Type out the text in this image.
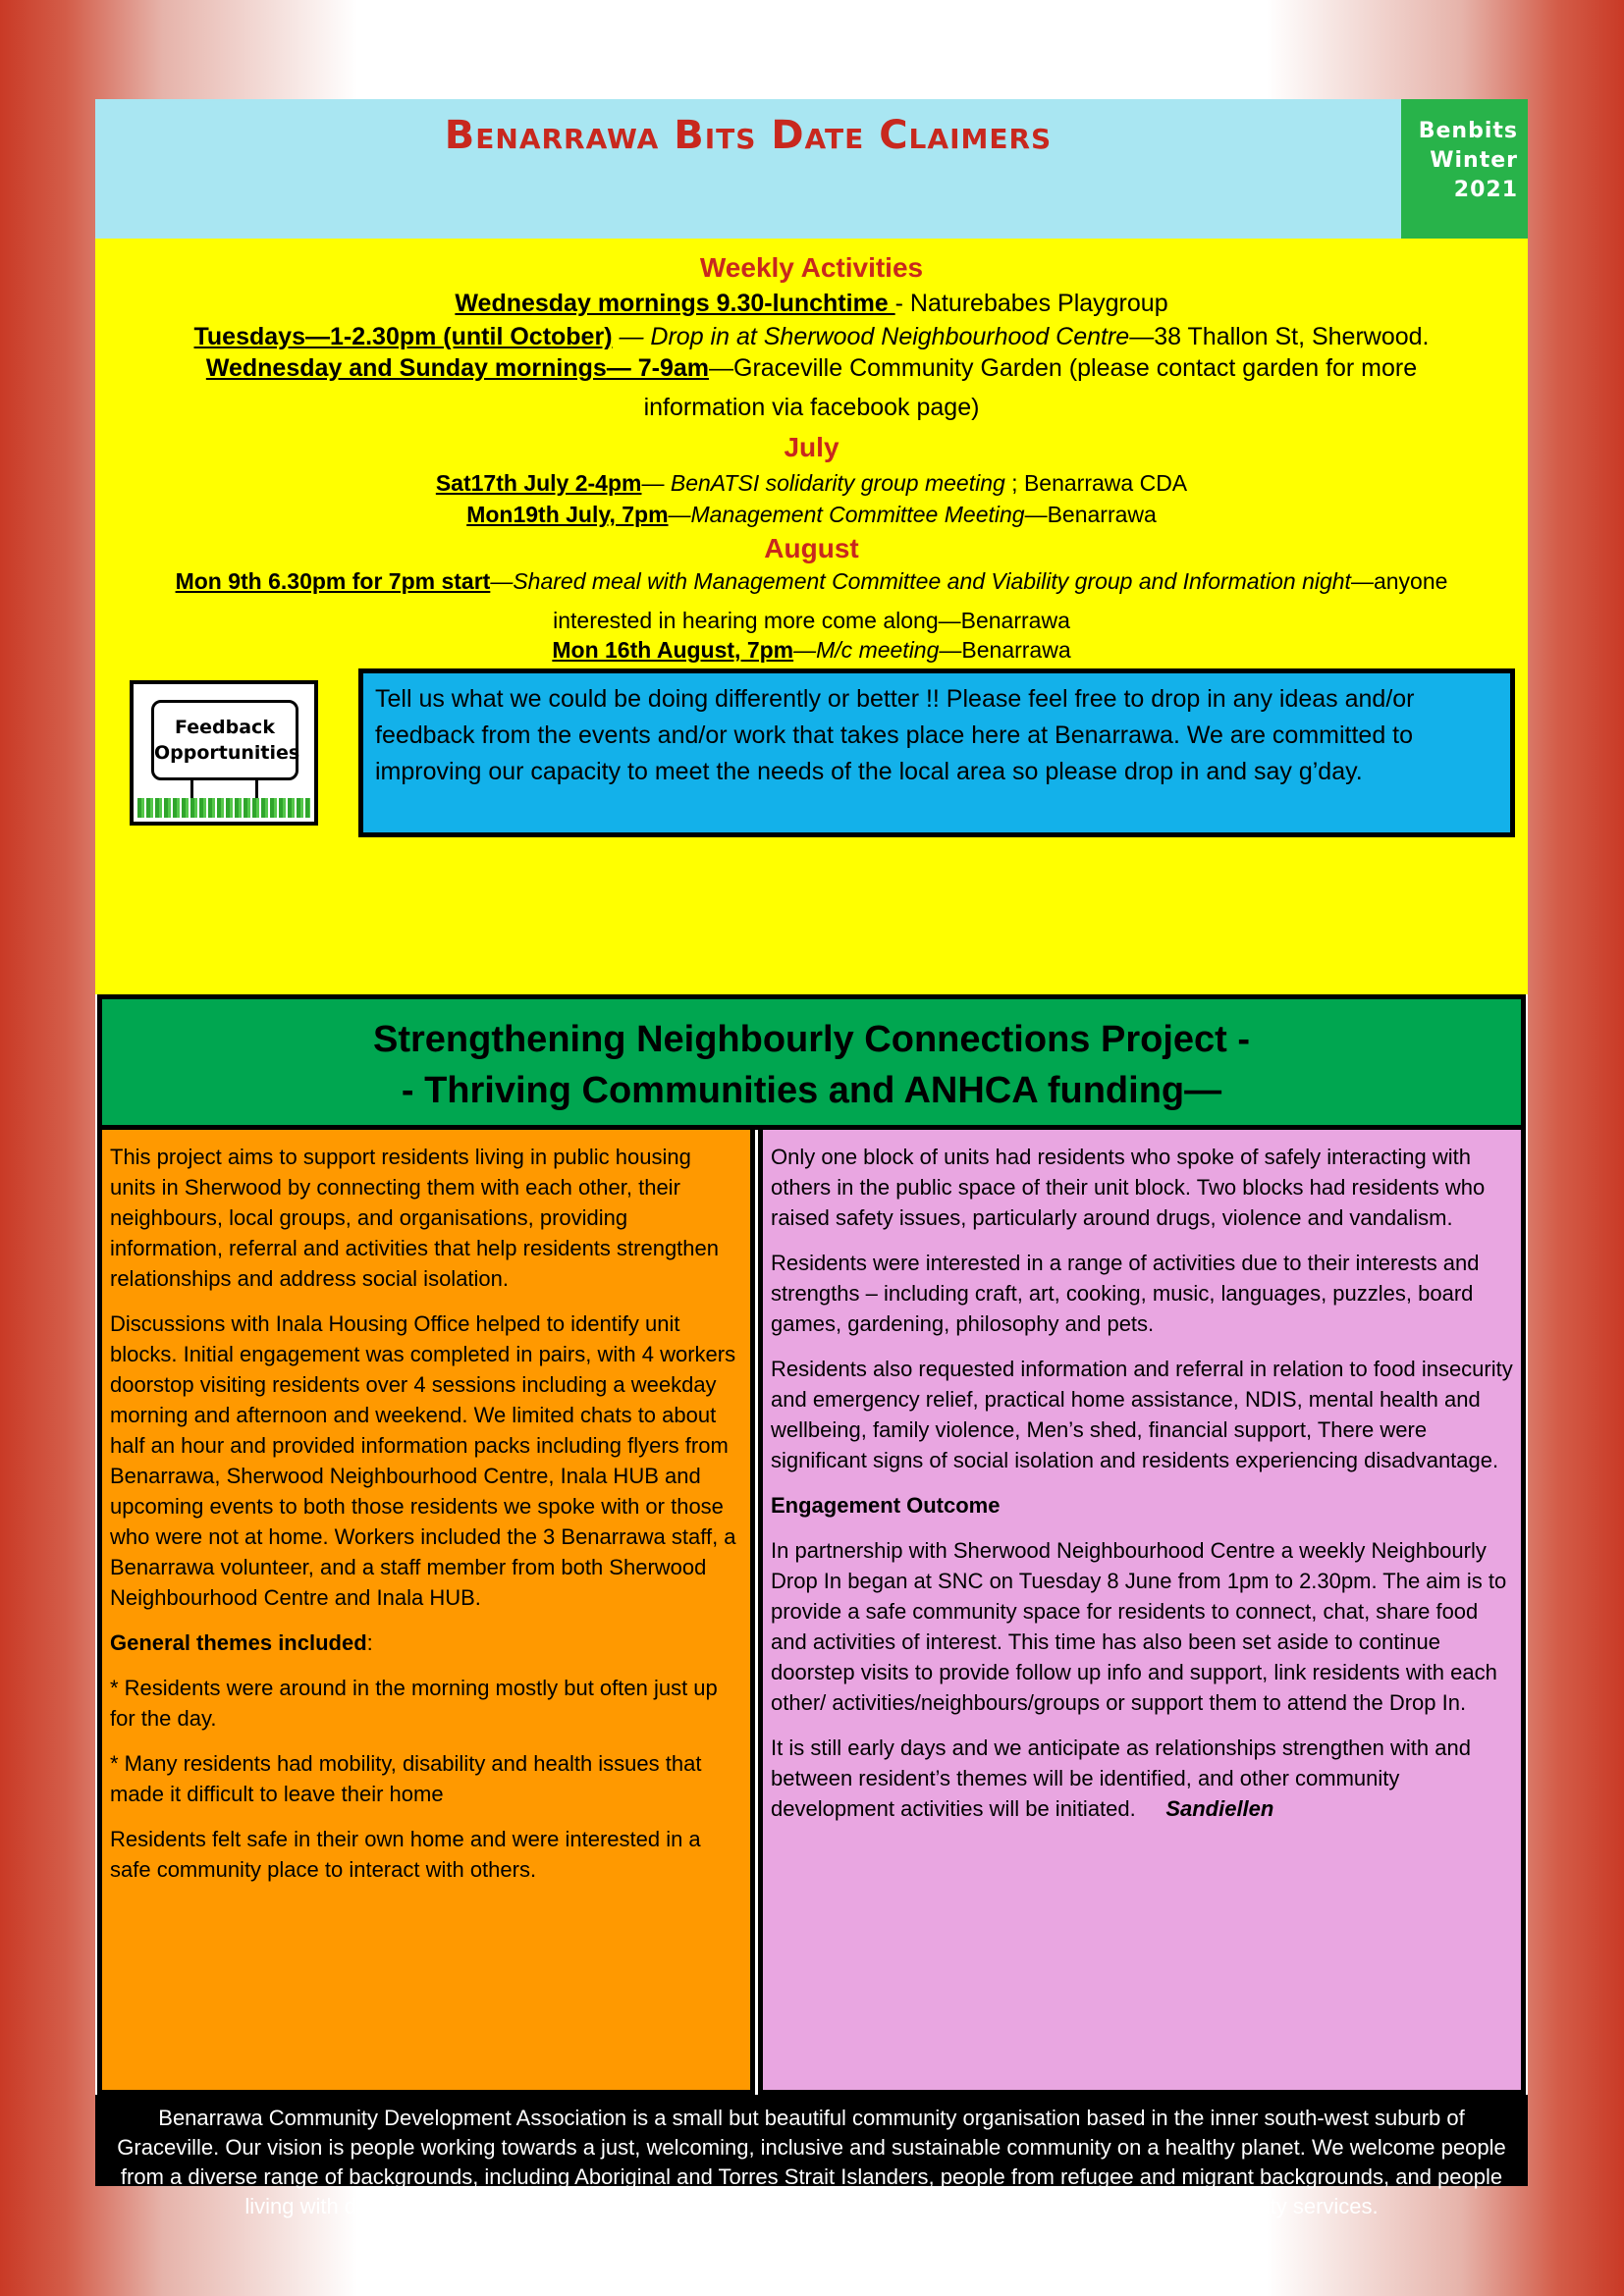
Benarrawa Bits Date Claimers	Benbits
Winter
2021
Weekly Activities
Wednesday mornings 9.30-lunchtime - Naturebabes Playgroup
Tuesdays—1-2.30pm (until October) — Drop in at Sherwood Neighbourhood Centre—38 Thallon St, Sherwood.
Wednesday and Sunday mornings— 7-9am—Graceville Community Garden (please contact garden for more
information via facebook page)
July
Sat17th July 2-4pm— BenATSI solidarity group meeting ; Benarrawa CDA
Mon19th July, 7pm—Management Committee Meeting—Benarrawa
August
Mon 9th 6.30pm for 7pm start—Shared meal with Management Committee and Viability group and Information night—anyone
interested in hearing more come along—Benarrawa
Mon 16th August, 7pm—M/c meeting—Benarrawa
Feedback
Opportunities
Tell us what we could be doing differently or better !! Please feel free to drop in any ideas and/or feedback from the events and/or work that takes place here at Benarrawa. We are committed to improving our capacity to meet the needs of the local area so please drop in and say g’day.
Strengthening Neighbourly Connections Project -
- Thriving Communities and ANHCA funding—

This project aims to support residents living in public housing units in Sherwood by connecting them with each other, their neighbours, local groups, and organisations, providing information, referral and activities that help residents strengthen relationships and address social isolation.

Discussions with Inala Housing Office helped to identify unit blocks. Initial engagement was completed in pairs, with 4 workers doorstop visiting residents over 4 sessions including a weekday morning and afternoon and weekend. We limited chats to about half an hour and provided information packs including flyers from Benarrawa, Sherwood Neighbourhood Centre, Inala HUB and upcoming events to both those residents we spoke with or those who were not at home. Workers included the 3 Benarrawa staff, a Benarrawa volunteer, and a staff member from both Sherwood Neighbourhood Centre and Inala HUB.

General themes included:

* Residents were around in the morning mostly but often just up for the day.

* Many residents had mobility, disability and health issues that made it difficult to leave their home

Residents felt safe in their own home and were interested in a safe community place to interact with others.

Only one block of units had residents who spoke of safely interacting with others in the public space of their unit block. Two blocks had residents who raised safety issues, particularly around drugs, violence and vandalism.

Residents were interested in a range of activities due to their interests and strengths – including craft, art, cooking, music, languages, puzzles, board games, gardening, philosophy and pets.

Residents also requested information and referral in relation to food insecurity and emergency relief, practical home assistance, NDIS, mental health and wellbeing, family violence, Men’s shed, financial support, There were significant signs of social isolation and residents experiencing disadvantage.

Engagement Outcome

In partnership with Sherwood Neighbourhood Centre a weekly Neighbourly Drop In began at SNC on Tuesday 8 June from 1pm to 2.30pm. The aim is to provide a safe community space for residents to connect, chat, share food and activities of interest. This time has also been set aside to continue doorstep visits to provide follow up info and support, link residents with each other/ activities/neighbours/groups or support them to attend the Drop In.

It is still early days and we anticipate as relationships strengthen with and between resident’s themes will be identified, and other community development activities will be initiated. Sandiellen

Benarrawa Community Development Association is a small but beautiful community organisation based in the inner south-west suburb of Graceville. Our vision is people working towards a just, welcoming, inclusive and sustainable community on a healthy planet. We welcome people from a diverse range of backgrounds, including Aboriginal and Torres Strait Islanders, people from refugee and migrant backgrounds, and people living with disabilities. Benarrawa is subsidised by QLD department of communities, child safety and disability services.
